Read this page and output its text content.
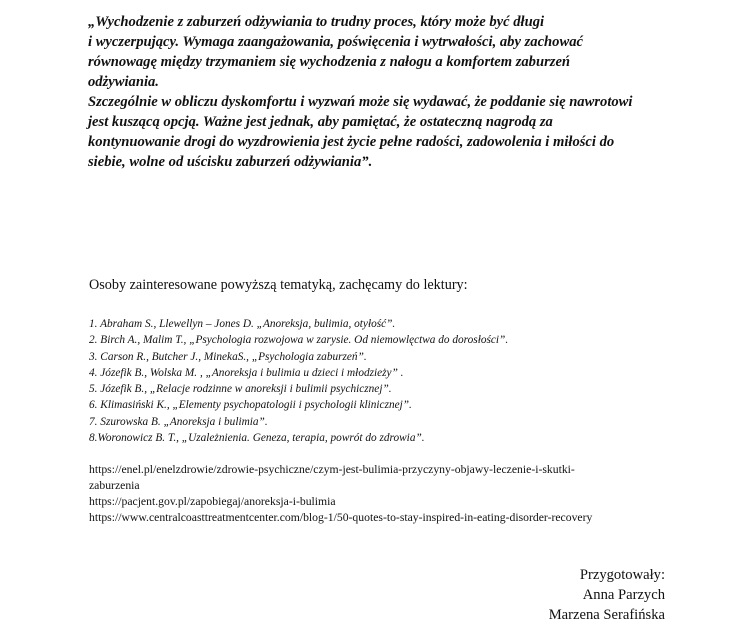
„Wychodzenie z zaburzeń odżywiania to trudny proces, który może być długi
i wyczerpujący. Wymaga zaangażowania, poświęcenia i wytrwałości, aby zachować
równowagę między trzymaniem się wychodzenia z nałogu a komfortem zaburzeń
odżywiania.
Szczególnie w obliczu dyskomfortu i wyzwań może się wydawać, że poddanie się nawrotowi
jest kuszącą opcją. Ważne jest jednak, aby pamiętać, że ostateczną nagrodą za
kontynuowanie drogi do wyzdrowienia jest życie pełne radości, zadowolenia i miłości do
siebie, wolne od uścisku zaburzeń odżywiania”.
Osoby zainteresowane powyższą tematyką, zachęcamy do lektury:
1. Abraham S., Llewellyn – Jones D. „Anoreksja, bulimia, otyłość”.
2. Birch A., Malim T., „Psychologia rozwojowa w zarysie. Od niemowlęctwa do dorosłości”.
3. Carson R., Butcher J., MinekaS., „Psychologia zaburzeń”.
4. Józefik B., Wolska M. , „Anoreksja i bulimia u dzieci i młodzieży” .
5. Józefik B., „Relacje rodzinne w anoreksji i bulimii psychicznej”.
6. Klimasiński K., „Elementy psychopatologii i psychologii klinicznej”.
7. Szurowska B. „Anoreksja i bulimia”.
8.Woronowicz B. T., „Uzależnienia. Geneza, terapia, powrót do zdrowia”.
https://enel.pl/enelzdrowie/zdrowie-psychiczne/czym-jest-bulimia-przyczyny-objawy-leczenie-i-skutki-
zaburzenia
https://pacjent.gov.pl/zapobiegaj/anoreksja-i-bulimia
https://www.centralcoasttreatmentcenter.com/blog-1/50-quotes-to-stay-inspired-in-eating-disorder-recovery
Przygotowały:
Anna Parzych
Marzena Serafińska
